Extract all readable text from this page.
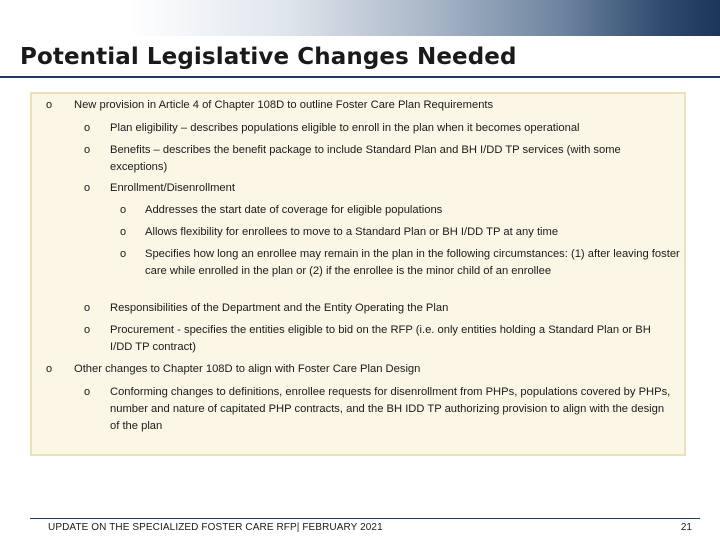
Potential Legislative Changes Needed
o New provision in Article 4 of Chapter 108D to outline Foster Care Plan Requirements
o Plan eligibility – describes populations eligible to enroll in the plan when it becomes operational
o Benefits – describes the benefit package to include Standard Plan and BH I/DD TP services (with some exceptions)
o Enrollment/Disenrollment
o Addresses the start date of coverage for eligible populations
o Allows flexibility for enrollees to move to a Standard Plan or BH I/DD TP at any time
o Specifies how long an enrollee may remain in the plan in the following circumstances: (1) after leaving foster care while enrolled in the plan or (2) if the enrollee is the minor child of an enrollee
o Responsibilities of the Department and the Entity Operating the Plan
o Procurement - specifies the entities eligible to bid on the RFP (i.e. only entities holding a Standard Plan or BH I/DD TP contract)
o Other changes to Chapter 108D to align with Foster Care Plan Design
o Conforming changes to definitions, enrollee requests for disenrollment from PHPs, populations covered by PHPs, number and nature of capitated PHP contracts, and the BH IDD TP authorizing provision to align with the design of the plan
UPDATE ON THE SPECIALIZED FOSTER CARE RFP| FEBRUARY 2021	21
